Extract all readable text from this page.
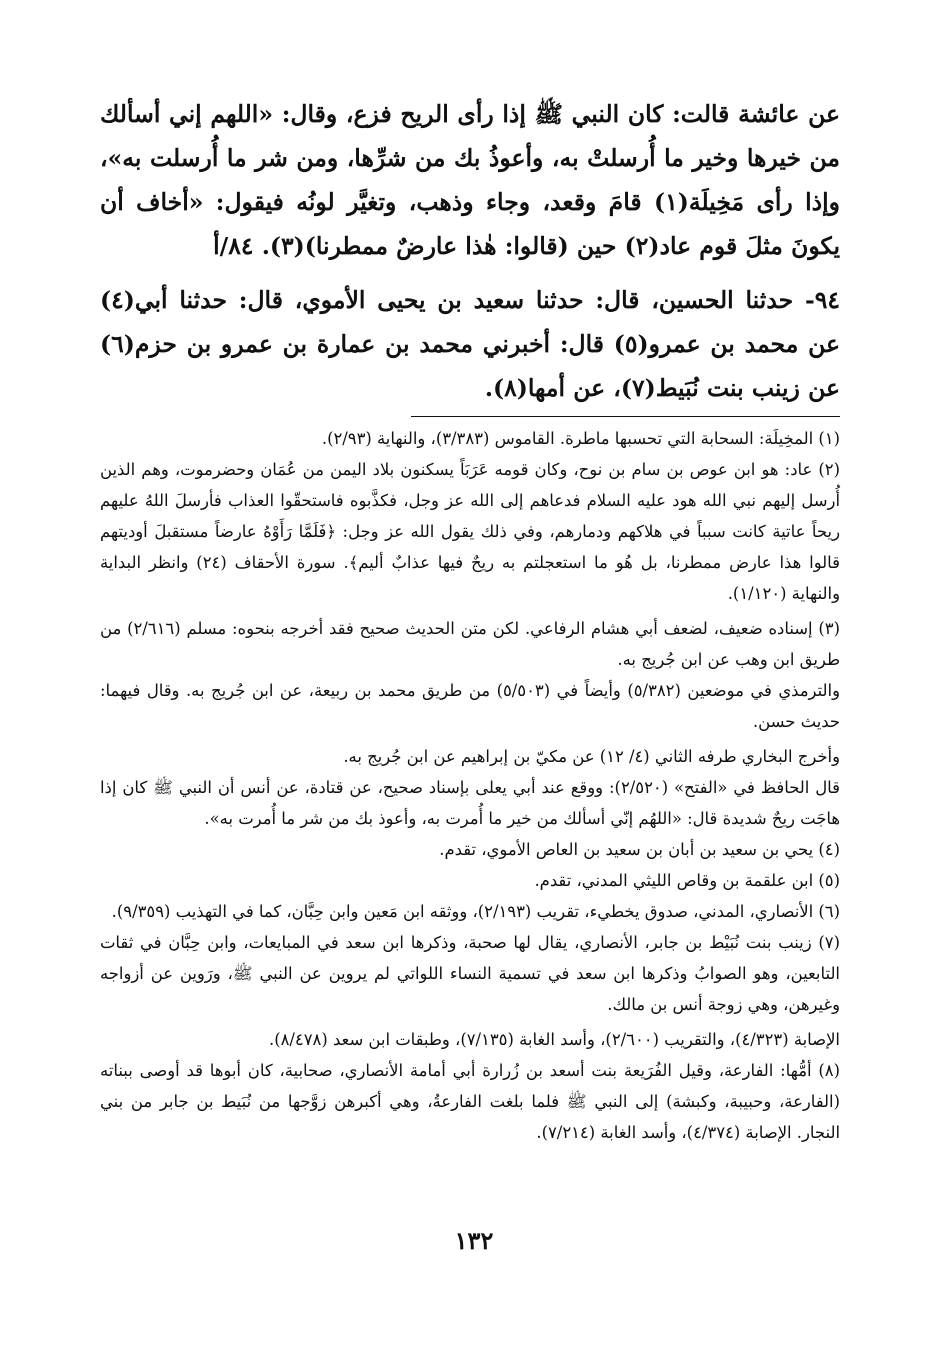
عن عائشة قالت: كان النبي ﷺ إذا رأى الريح فزع، وقال: «اللهم إني أسألك من خيرها وخير ما أُرسلتْ به، وأعوذُ بك من شرِّها، ومن شر ما أُرسلت به»، وإذا رأى مَخِيلَة(١) قامَ وقعد، وجاء وذهب، وتغيَّر لونُه فيقول: «أخاف أن يكونَ مثلَ قوم عاد(٢) حين (قالوا: هٰذا عارضٌ ممطرنا)(٣). ٨٤/أ

٩٤- حدثنا الحسين، قال: حدثنا سعيد بن يحيى الأموي، قال: حدثنا أبي(٤) عن محمد بن عمرو(٥) قال: أخبرني محمد بن عمارة بن عمرو بن حزم(٦) عن زينب بنت نُبَيط(٧)، عن أمها(٨).

(١) المخِيلَة: السحابة التي تحسبها ماطرة. القاموس (٣/٣٨٣)، والنهاية (٢/٩٣).

(٢) عاد: هو ابن عوص بن سام بن نوح، وكان قومه عَرَبَاً يسكنون بلاد اليمن من عُمَان وحضرموت، وهم الذين أُرسل إليهم نبي الله هود عليه السلام فدعاهم إلى الله عز وجل، فكذَّبوه فاستحقّوا العذاب فأرسلَ اللهُ عليهم ريحاً عاتية كانت سبباً في هلاكهم ودمارهم، وفي ذلك يقول الله عز وجل: ﴿فَلَمَّا رَأَوْهُ عارضاً مستقبلَ أوديتهم قالوا هذا عارض ممطرنا، بل هُو ما استعجلتم به ريحٌ فيها عذابٌ أليم﴾. سورة الأحقاف (٢٤) وانظر البداية والنهاية (١/١٢٠).

(٣) إسناده ضعيف، لضعف أبي هشام الرفاعي. لكن متن الحديث صحيح فقد أخرجه بنحوه: مسلم (٢/٦١٦) من طريق ابن وهب عن ابن جُريج به.

والترمذي في موضعين (٥/٣٨٢) وأيضاً في (٥/٥٠٣) من طريق محمد بن ربيعة، عن ابن جُريج به. وقال فيهما: حديث حسن.

وأخرج البخاري طرفه الثاني (٤/ ١٢) عن مكيّ بن إبراهيم عن ابن جُريج به.

قال الحافظ في «الفتح» (٢/٥٢٠): ووقع عند أبي يعلى بإسناد صحيح، عن قتادة، عن أنس أن النبي ﷺ كان إذا هاجَت ريحٌ شديدة قال: «اللهُم إنّي أسألك من خير ما أُمرت به، وأعوذ بك من شر ما أُمرت به».

(٤) يحي بن سعيد بن أبان بن سعيد بن العاص الأموي، تقدم.

(٥) ابن علقمة بن وقاص الليثي المدني، تقدم.

(٦) الأنصاري، المدني، صدوق يخطيء، تقريب (٢/١٩٣)، ووثقه ابن مَعين وابن حِبَّان، كما في التهذيب (٩/٣٥٩).

(٧) زينب بنت نُبَيْط بن جابر، الأنصاري، يقال لها صحبة، وذكرها ابن سعد في المبايعات، وابن حِبَّان في ثقات التابعين، وهو الصوابُ وذكرها ابن سعد في تسمية النساء اللواتي لم يروين عن النبي ﷺ، ورَوين عن أزواجه وغيرهن، وهي زوجة أنس بن مالك.

الإصابة (٤/٣٢٣)، والتقريب (٢/٦٠٠)، وأسد الغابة (٧/١٣٥)، وطبقات ابن سعد (٨/٤٧٨).

(٨) أمُّها: الفارعة، وقيل الفُرَيعة بنت أسعد بن زُرارة أبي أمامة الأنصاري، صحابية، كان أبوها قد أوصى ببناته (الفارعة، وحبيبة، وكبشة) إلى النبي ﷺ فلما بلغت الفارعةُ، وهي أكبرهن زوَّجها من نُبَيط بن جابر من بني النجار. الإصابة (٤/٣٧٤)، وأسد الغابة (٧/٢١٤).

١٣٢
